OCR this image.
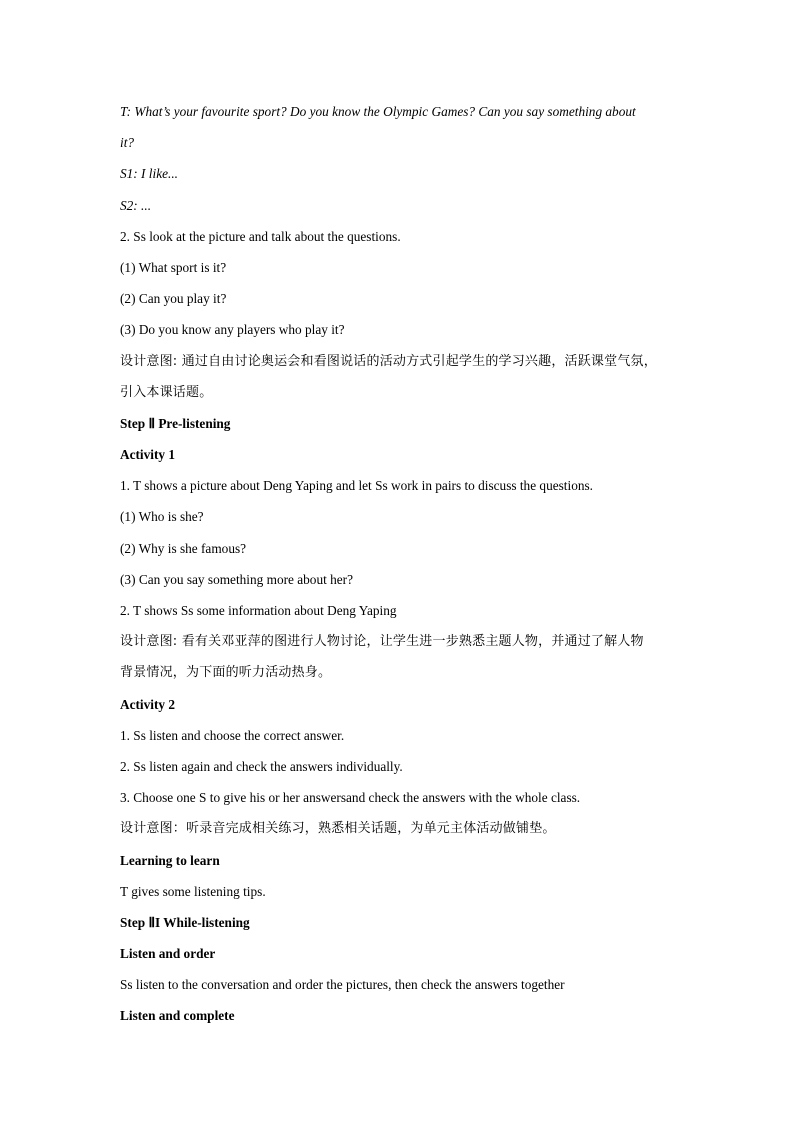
T: What’s your favourite sport? Do you know the Olympic Games? Can you say something about
it?
S1: I like...
S2: ...
2. Ss look at the picture and talk about the questions.
(1) What sport is it?
(2) Can you play it?
(3) Do you know any players who play it?
设计意图: 通过自由讨论奥运会和看图说话的活动方式引起学生的学习兴趣，活跃课堂气氛，
引入本课话题。
Step Ⅱ Pre-listening
Activity 1
1. T shows a picture about Deng Yaping and let Ss work in pairs to discuss the questions.
(1) Who is she?
(2) Why is she famous?
(3) Can you say something more about her?
2. T shows Ss some information about Deng Yaping
设计意图: 看有关邓亚萍的图进行人物讨论，让学生进一步熟悉主题人物，并通过了解人物
背景情况，为下面的听力活动热身。
Activity 2
1. Ss listen and choose the correct answer.
2. Ss listen again and check the answers individually.
3. Choose one S to give his or her answersand check the answers with the whole class.
设计意图：听录音完成相关练习，熟悉相关话题，为单元主体活动做铺垫。
Learning to learn
T gives some listening tips.
Step ⅡI While-listening
Listen and order
Ss listen to the conversation and order the pictures, then check the answers together
Listen and complete
